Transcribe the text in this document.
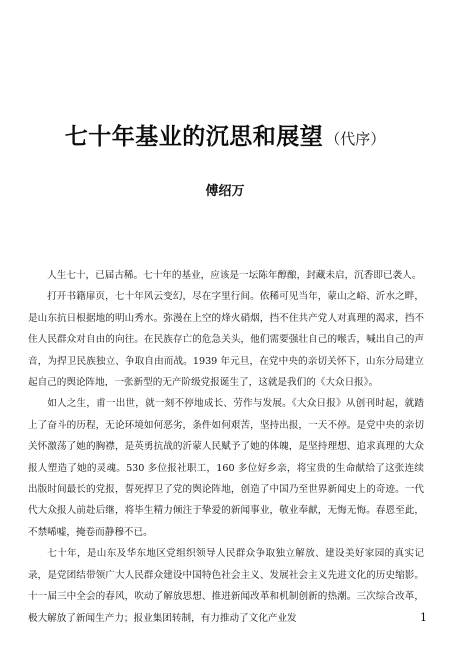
七十年基业的沉思和展望 （代序）
傅绍万

人生七十，已届古稀。七十年的基业，应该是一坛陈年醇酿，封藏未启，沉香即已袭人。

打开书籍扉页，七十年风云变幻，尽在字里行间。依稀可见当年，蒙山之峪、沂水之畔，是山东抗日根据地的明山秀水。弥漫在上空的烽火硝烟，挡不住共产党人对真理的渴求，挡不住人民群众对自由的向往。在民族存亡的危急关头，他们需要强壮自己的喉舌，喊出自己的声音，为捍卫民族独立、争取自由而战。1939 年元旦，在党中央的亲切关怀下，山东分局建立起自己的舆论阵地，一张新型的无产阶级党报诞生了，这就是我们的《大众日报》。

如人之生，甫一出世，就一刻不停地成长、劳作与发展。《大众日报》从创刊时起，就踏上了奋斗的历程，无论环境如何恶劣，条件如何艰苦，坚持出报，一天不停。是党中央的亲切关怀激荡了她的胸襟，是英勇抗战的沂蒙人民赋予了她的体魄，是坚持理想、追求真理的大众报人塑造了她的灵魂。530 多位报社职工，160 多位好乡亲，将宝贵的生命献给了这张连续出版时间最长的党报，誓死捍卫了党的舆论阵地，创造了中国乃至世界新闻史上的奇迹。一代代大众报人前赴后继，将毕生精力倾注于挚爱的新闻事业，敬业奉献，无悔无悔。春恩至此，不禁唏嘘，掩卷而静穆不已。

七十年，是山东及华东地区党组织领导人民群众争取独立解放、建设美好家园的真实记录，是党团结带领广大人民群众建设中国特色社会主义、发展社会主义先进文化的历史缩影。十一届三中全会的春风，吹动了解放思想、推进新闻改革和机制创新的热潮。三次综合改革，极大解放了新闻生产力；报业集团转制，有力推动了文化产业发	1
